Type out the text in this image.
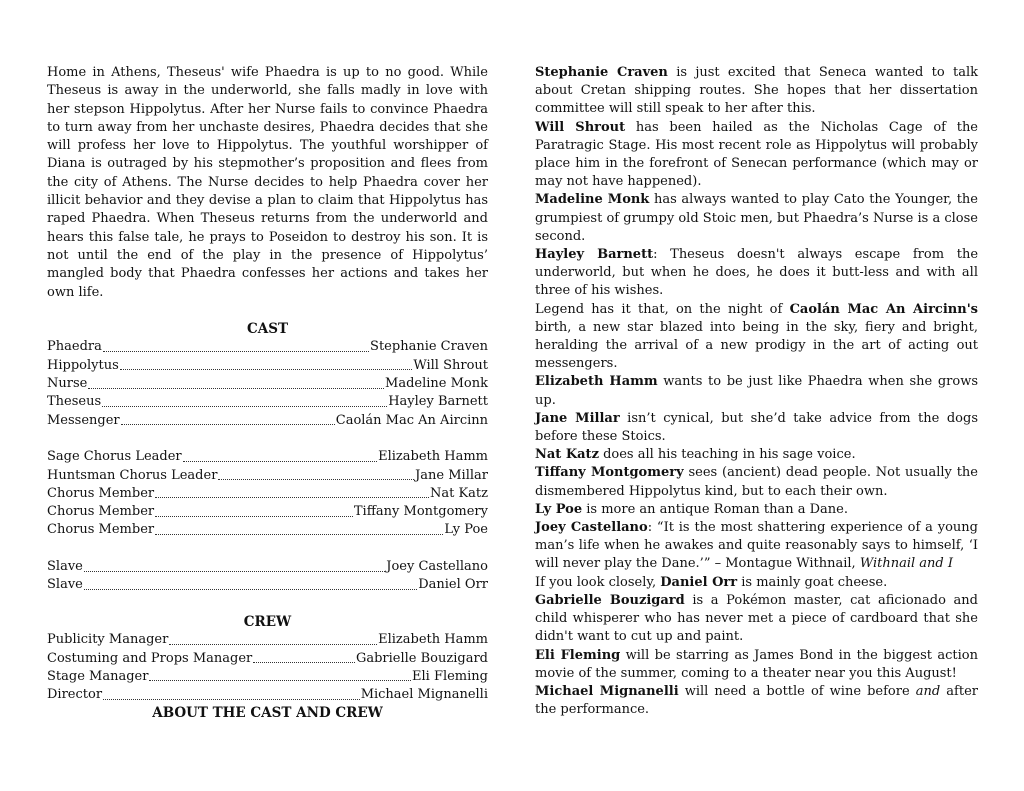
Home in Athens, Theseus' wife Phaedra is up to no good. While Theseus is away in the underworld, she falls madly in love with her stepson Hippolytus. After her Nurse fails to convince Phaedra to turn away from her unchaste desires, Phaedra decides that she will profess her love to Hippolytus. The youthful worshipper of Diana is outraged by his stepmother’s proposition and flees from the city of Athens. The Nurse decides to help Phaedra cover her illicit behavior and they devise a plan to claim that Hippolytus has raped Phaedra. When Theseus returns from the underworld and hears this false tale, he prays to Poseidon to destroy his son. It is not until the end of the play in the presence of Hippolytus’ mangled body that Phaedra confesses her actions and takes her own life.

CAST
Phaedra	Stephanie Craven
Hippolytus	Will Shrout
Nurse	Madeline Monk
Theseus	Hayley Barnett
Messenger	Caolán Mac An Aircinn
Sage Chorus Leader	Elizabeth Hamm
Huntsman Chorus Leader	Jane Millar
Chorus Member	Nat Katz
Chorus Member	Tiffany Montgomery
Chorus Member	Ly Poe
Slave	Joey Castellano
Slave	Daniel Orr
CREW
Publicity Manager	Elizabeth Hamm
Costuming and Props Manager	Gabrielle Bouzigard
Stage Manager	Eli Fleming
Director	Michael Mignanelli
ABOUT THE CAST AND CREW
Stephanie Craven is just excited that Seneca wanted to talk about Cretan shipping routes. She hopes that her dissertation committee will still speak to her after this.
Will Shrout has been hailed as the Nicholas Cage of the Paratragic Stage. His most recent role as Hippolytus will probably place him in the forefront of Senecan performance (which may or may not have happened).
Madeline Monk has always wanted to play Cato the Younger, the grumpiest of grumpy old Stoic men, but Phaedra’s Nurse is a close second.
Hayley Barnett: Theseus doesn't always escape from the underworld, but when he does, he does it butt-less and with all three of his wishes.
Legend has it that, on the night of Caolán Mac An Aircinn's birth, a new star blazed into being in the sky, fiery and bright, heralding the arrival of a new prodigy in the art of acting out messengers.
Elizabeth Hamm wants to be just like Phaedra when she grows up.
Jane Millar isn’t cynical, but she’d take advice from the dogs before these Stoics.
Nat Katz does all his teaching in his sage voice.
Tiffany Montgomery sees (ancient) dead people. Not usually the dismembered Hippolytus kind, but to each their own.
Ly Poe is more an antique Roman than a Dane.
Joey Castellano: “It is the most shattering experience of a young man’s life when he awakes and quite reasonably says to himself, ‘I will never play the Dane.’” – Montague Withnail, Withnail and I
If you look closely, Daniel Orr is mainly goat cheese.
Gabrielle Bouzigard is a Pokémon master, cat aficionado and child whisperer who has never met a piece of cardboard that she didn't want to cut up and paint.
Eli Fleming will be starring as James Bond in the biggest action movie of the summer, coming to a theater near you this August!
Michael Mignanelli will need a bottle of wine before and after the performance.
